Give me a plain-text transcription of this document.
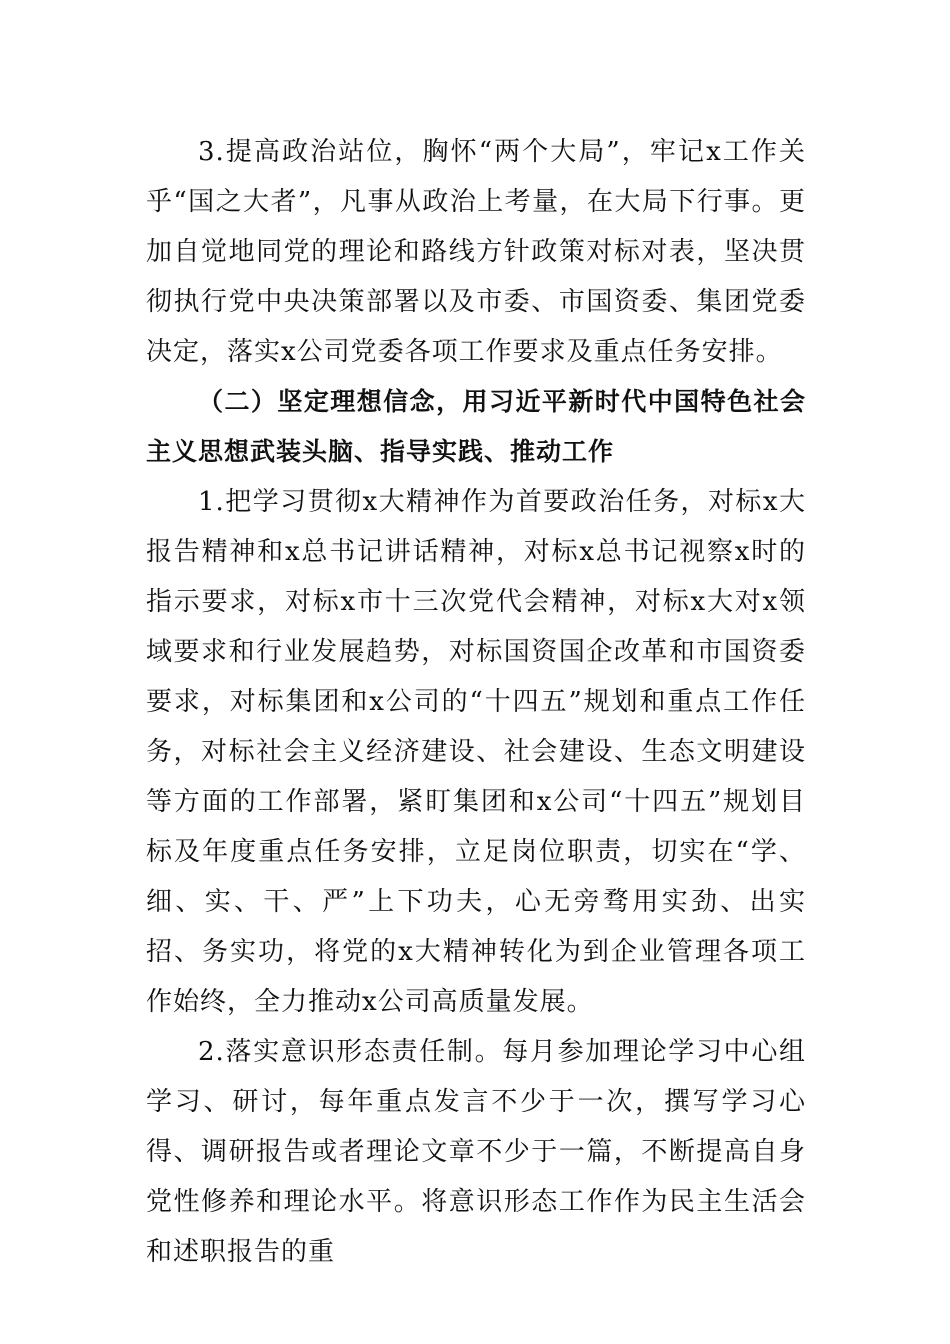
3.提高政治站位，胸怀“两个大局”，牢记x工作关乎“国之大者”，凡事从政治上考量，在大局下行事。更加自觉地同党的理论和路线方针政策对标对表，坚决贯彻执行党中央决策部署以及市委、市国资委、集团党委决定，落实x公司党委各项工作要求及重点任务安排。

（二）坚定理想信念，用习近平新时代中国特色社会主义思想武装头脑、指导实践、推动工作

1.把学习贯彻x大精神作为首要政治任务，对标x大报告精神和x总书记讲话精神，对标x总书记视察x时的指示要求，对标x市十三次党代会精神，对标x大对x领域要求和行业发展趋势，对标国资国企改革和市国资委要求，对标集团和x公司的“十四五”规划和重点工作任务，对标社会主义经济建设、社会建设、生态文明建设等方面的工作部署，紧盯集团和x公司“十四五”规划目标及年度重点任务安排，立足岗位职责，切实在“学、细、实、干、严”上下功夫，心无旁骛用实劲、出实招、务实功，将党的x大精神转化为到企业管理各项工作始终，全力推动x公司高质量发展。

2.落实意识形态责任制。每月参加理论学习中心组学习、研讨，每年重点发言不少于一次，撰写学习心得、调研报告或者理论文章不少于一篇，不断提高自身党性修养和理论水平。将意识形态工作作为民主生活会和述职报告的重
